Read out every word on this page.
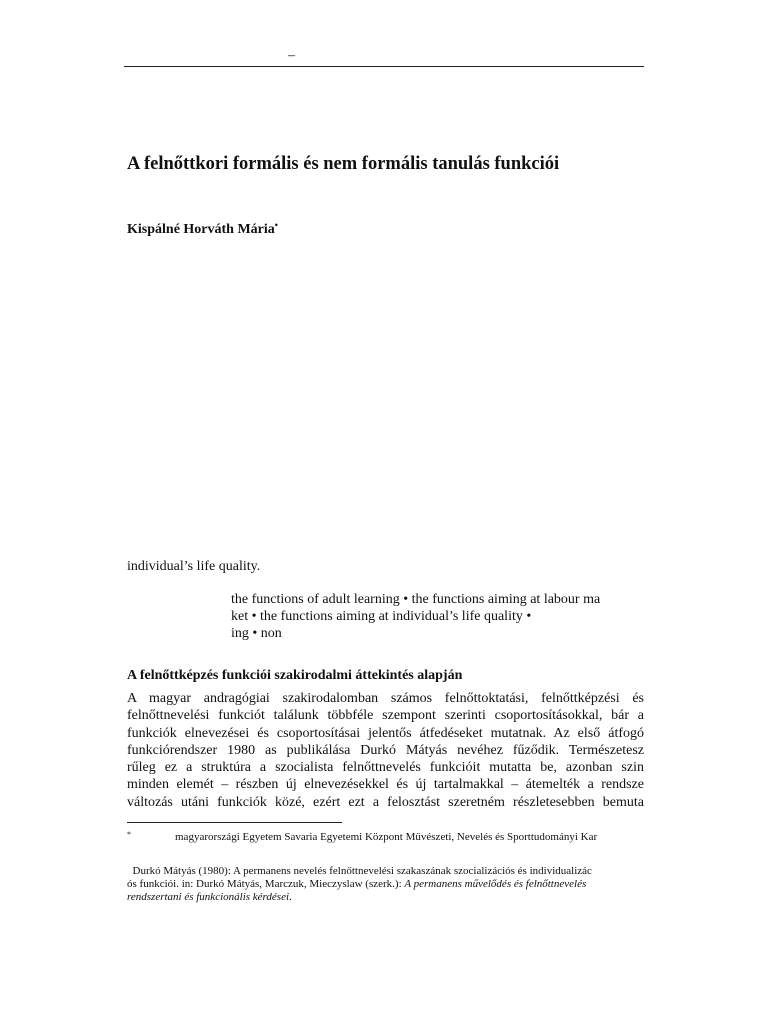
–
A felnőttkori formális és nem formális tanulás funkciói
Kispálné Horváth Mária•
individual’s life quality.
the functions of adult learning • the functions aiming at labour ma
ket • the functions aiming at individual’s life quality •
ing • non
A felnőttképzés funkciói szakirodalmi áttekintés alapján
A magyar andragógiai szakirodalomban számos felnőttoktatási, felnőttképzési és
felnőttnevelési funkciót találunk többféle szempont szerinti csoportosításokkal, bár a
funkciók elnevezései és csoportosításai jelentős átfedéseket mutatnak. Az első átfogó
funkciórendszer 1980 as publikálása Durkó Mátyás nevéhez fűződik. Természetesz
rűleg ez a struktúra a szocialista felnőttnevelés funkcióit mutatta be, azonban szin
minden elemét – részben új elnevezésekkel és új tartalmakkal – átemelték a rendsze
változás utáni funkciók közé, ezért ezt a felosztást szeretném részletesebben bemuta
*	magyarországi Egyetem Savaria Egyetemi Központ Művészeti, Nevelés és Sporttudományi Kar
Durkó Mátyás (1980): A permanens nevelés felnőttnevelési szakaszának szocializációs és individualizác
ós funkciói. in: Durkó Mátyás, Marczuk, Mieczyslaw (szerk.): A permanens művelődés és felnőttnevelés
rendszertani és funkcionális kérdései.
